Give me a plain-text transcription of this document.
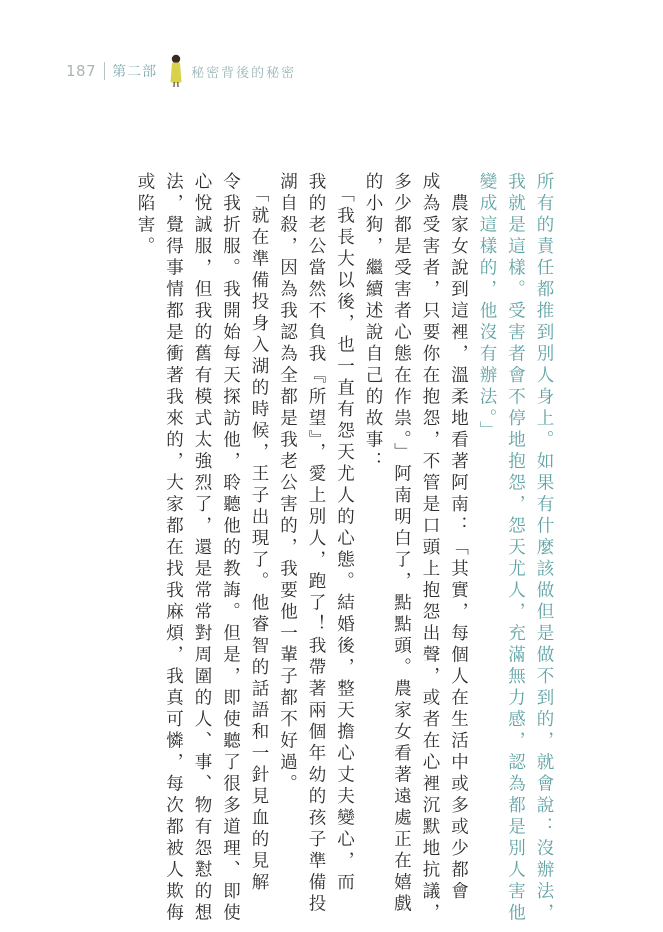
187 第二部	秘密背後的秘密

所有的責任都推到別人身上。如果有什麼該做但是做不到的，就會說：沒辦法，

我就是這樣。受害者會不停地抱怨，怨天尤人，充滿無力感，認為都是別人害他

變成這樣的，他沒有辦法。」

　農家女說到這裡，溫柔地看著阿南：「其實，每個人在生活中或多或少都會

成為受害者，只要你在抱怨，不管是口頭上抱怨出聲，或者在心裡沉默地抗議，

多少都是受害者心態在作祟。」阿南明白了，點點頭。農家女看著遠處正在嬉戲

的小狗，繼續述說自己的故事：

　「我長大以後，也一直有怨天尤人的心態。結婚後，整天擔心丈夫變心，而

我的老公當然不負我『所望』，愛上別人，跑了！我帶著兩個年幼的孩子準備投

湖自殺，因為我認為全都是我老公害的，我要他一輩子都不好過。

　「就在準備投身入湖的時候，王子出現了。他睿智的話語和一針見血的見解

令我折服。我開始每天探訪他，聆聽他的教誨。但是，即使聽了很多道理、即使

心悅誠服，但我的舊有模式太強烈了，還是常常對周圍的人、事、物有怨懟的想

法，覺得事情都是衝著我來的，大家都在找我麻煩，我真可憐，每次都被人欺侮

或陷害。
